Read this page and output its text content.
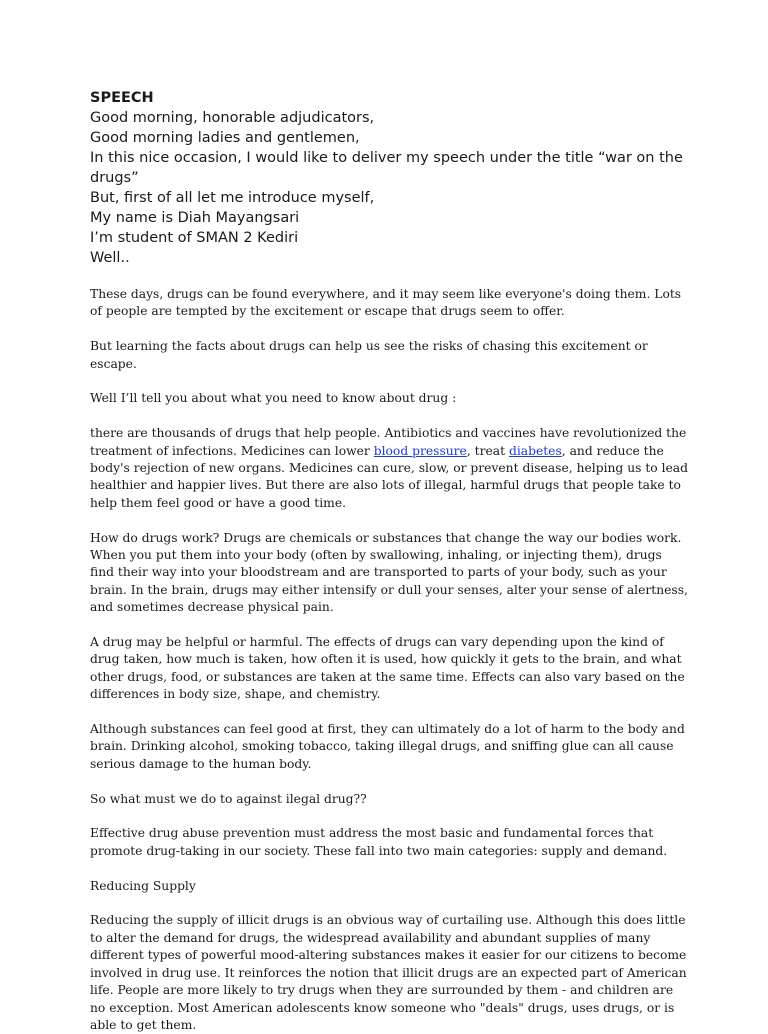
SPEECH
Good morning, honorable adjudicators,
Good morning ladies and gentlemen,
In this nice occasion, I would like to deliver my speech under the title “war on the drugs”
But, first of all let me introduce myself,
My name is Diah Mayangsari
I’m student of SMAN 2 Kediri
Well..

These days, drugs can be found everywhere, and it may seem like everyone's doing them. Lots of people are tempted by the excitement or escape that drugs seem to offer.

But learning the facts about drugs can help us see the risks of chasing this excitement or escape.

Well I’ll tell you about what you need to know about drug :

there are thousands of drugs that help people. Antibiotics and vaccines have revolutionized the treatment of infections. Medicines can lower blood pressure, treat diabetes, and reduce the body's rejection of new organs. Medicines can cure, slow, or prevent disease, helping us to lead healthier and happier lives. But there are also lots of illegal, harmful drugs that people take to help them feel good or have a good time.

How do drugs work? Drugs are chemicals or substances that change the way our bodies work. When you put them into your body (often by swallowing, inhaling, or injecting them), drugs find their way into your bloodstream and are transported to parts of your body, such as your brain. In the brain, drugs may either intensify or dull your senses, alter your sense of alertness, and sometimes decrease physical pain.

A drug may be helpful or harmful. The effects of drugs can vary depending upon the kind of drug taken, how much is taken, how often it is used, how quickly it gets to the brain, and what other drugs, food, or substances are taken at the same time. Effects can also vary based on the differences in body size, shape, and chemistry.

Although substances can feel good at first, they can ultimately do a lot of harm to the body and brain. Drinking alcohol, smoking tobacco, taking illegal drugs, and sniffing glue can all cause serious damage to the human body.

So what must we do to against ilegal drug??

Effective drug abuse prevention must address the most basic and fundamental forces that promote drug-taking in our society. These fall into two main categories: supply and demand.

Reducing Supply

Reducing the supply of illicit drugs is an obvious way of curtailing use. Although this does little to alter the demand for drugs, the widespread availability and abundant supplies of many different types of powerful mood-altering substances makes it easier for our citizens to become involved in drug use. It reinforces the notion that illicit drugs are an expected part of American life. People are more likely to try drugs when they are surrounded by them - and children are no exception. Most American adolescents know someone who "deals" drugs, uses drugs, or is able to get them.
